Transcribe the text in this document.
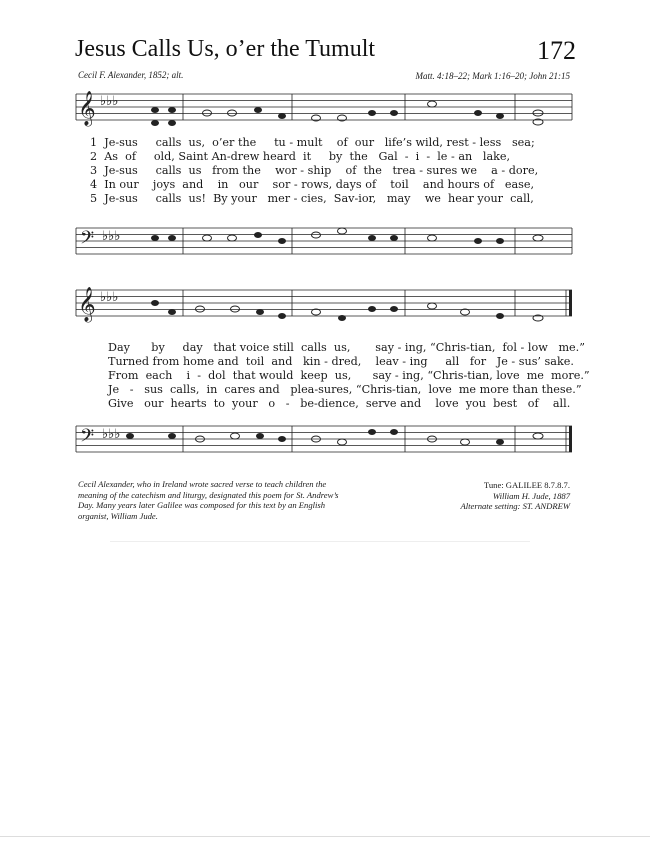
Jesus Calls Us, o’er the Tumult	172
Cecil F. Alexander, 1852; alt.	Matt. 4:18–22; Mark 1:16–20; John 21:15
𝄞 ♭♭♭
1  Je-sus     calls  us,  o’er the     tu - mult    of  our   life’s wild, rest - less   sea;
2  As  of     old, Saint An-drew heard  it     by  the   Gal  -  i  -  le - an   lake,
3  Je-sus     calls  us   from the    wor - ship    of  the   trea - sures we    a - dore,
4  In our    joys  and    in   our    sor - rows, days of    toil    and hours of   ease,
5  Je-sus     calls  us!  By your   mer - cies,  Sav-ior,   may    we  hear your  call,
𝄢 ♭♭♭
𝄞 ♭♭♭
Day      by     day   that voice still  calls  us,       say - ing, “Chris-tian,  fol - low   me.”
Turned from home and  toil  and   kin - dred,    leav - ing     all   for   Je - sus’ sake.
From  each    i  -  dol  that would  keep  us,      say - ing, “Chris-tian, love  me  more.”
Je   -   sus  calls,  in  cares and   plea-sures, “Chris-tian,  love  me more than these.”
Give   our  hearts  to  your   o   -   be-dience,  serve and    love  you  best   of    all.
𝄢 ♭♭♭
Cecil Alexander, who in Ireland wrote sacred verse to teach children the meaning of the catechism and liturgy, designated this poem for St. Andrew’s Day. Many years later Galilee was composed for this text by an English organist, William Jude.
Tune: GALILEE 8.7.8.7.
William H. Jude, 1887
Alternate setting: ST. ANDREW
